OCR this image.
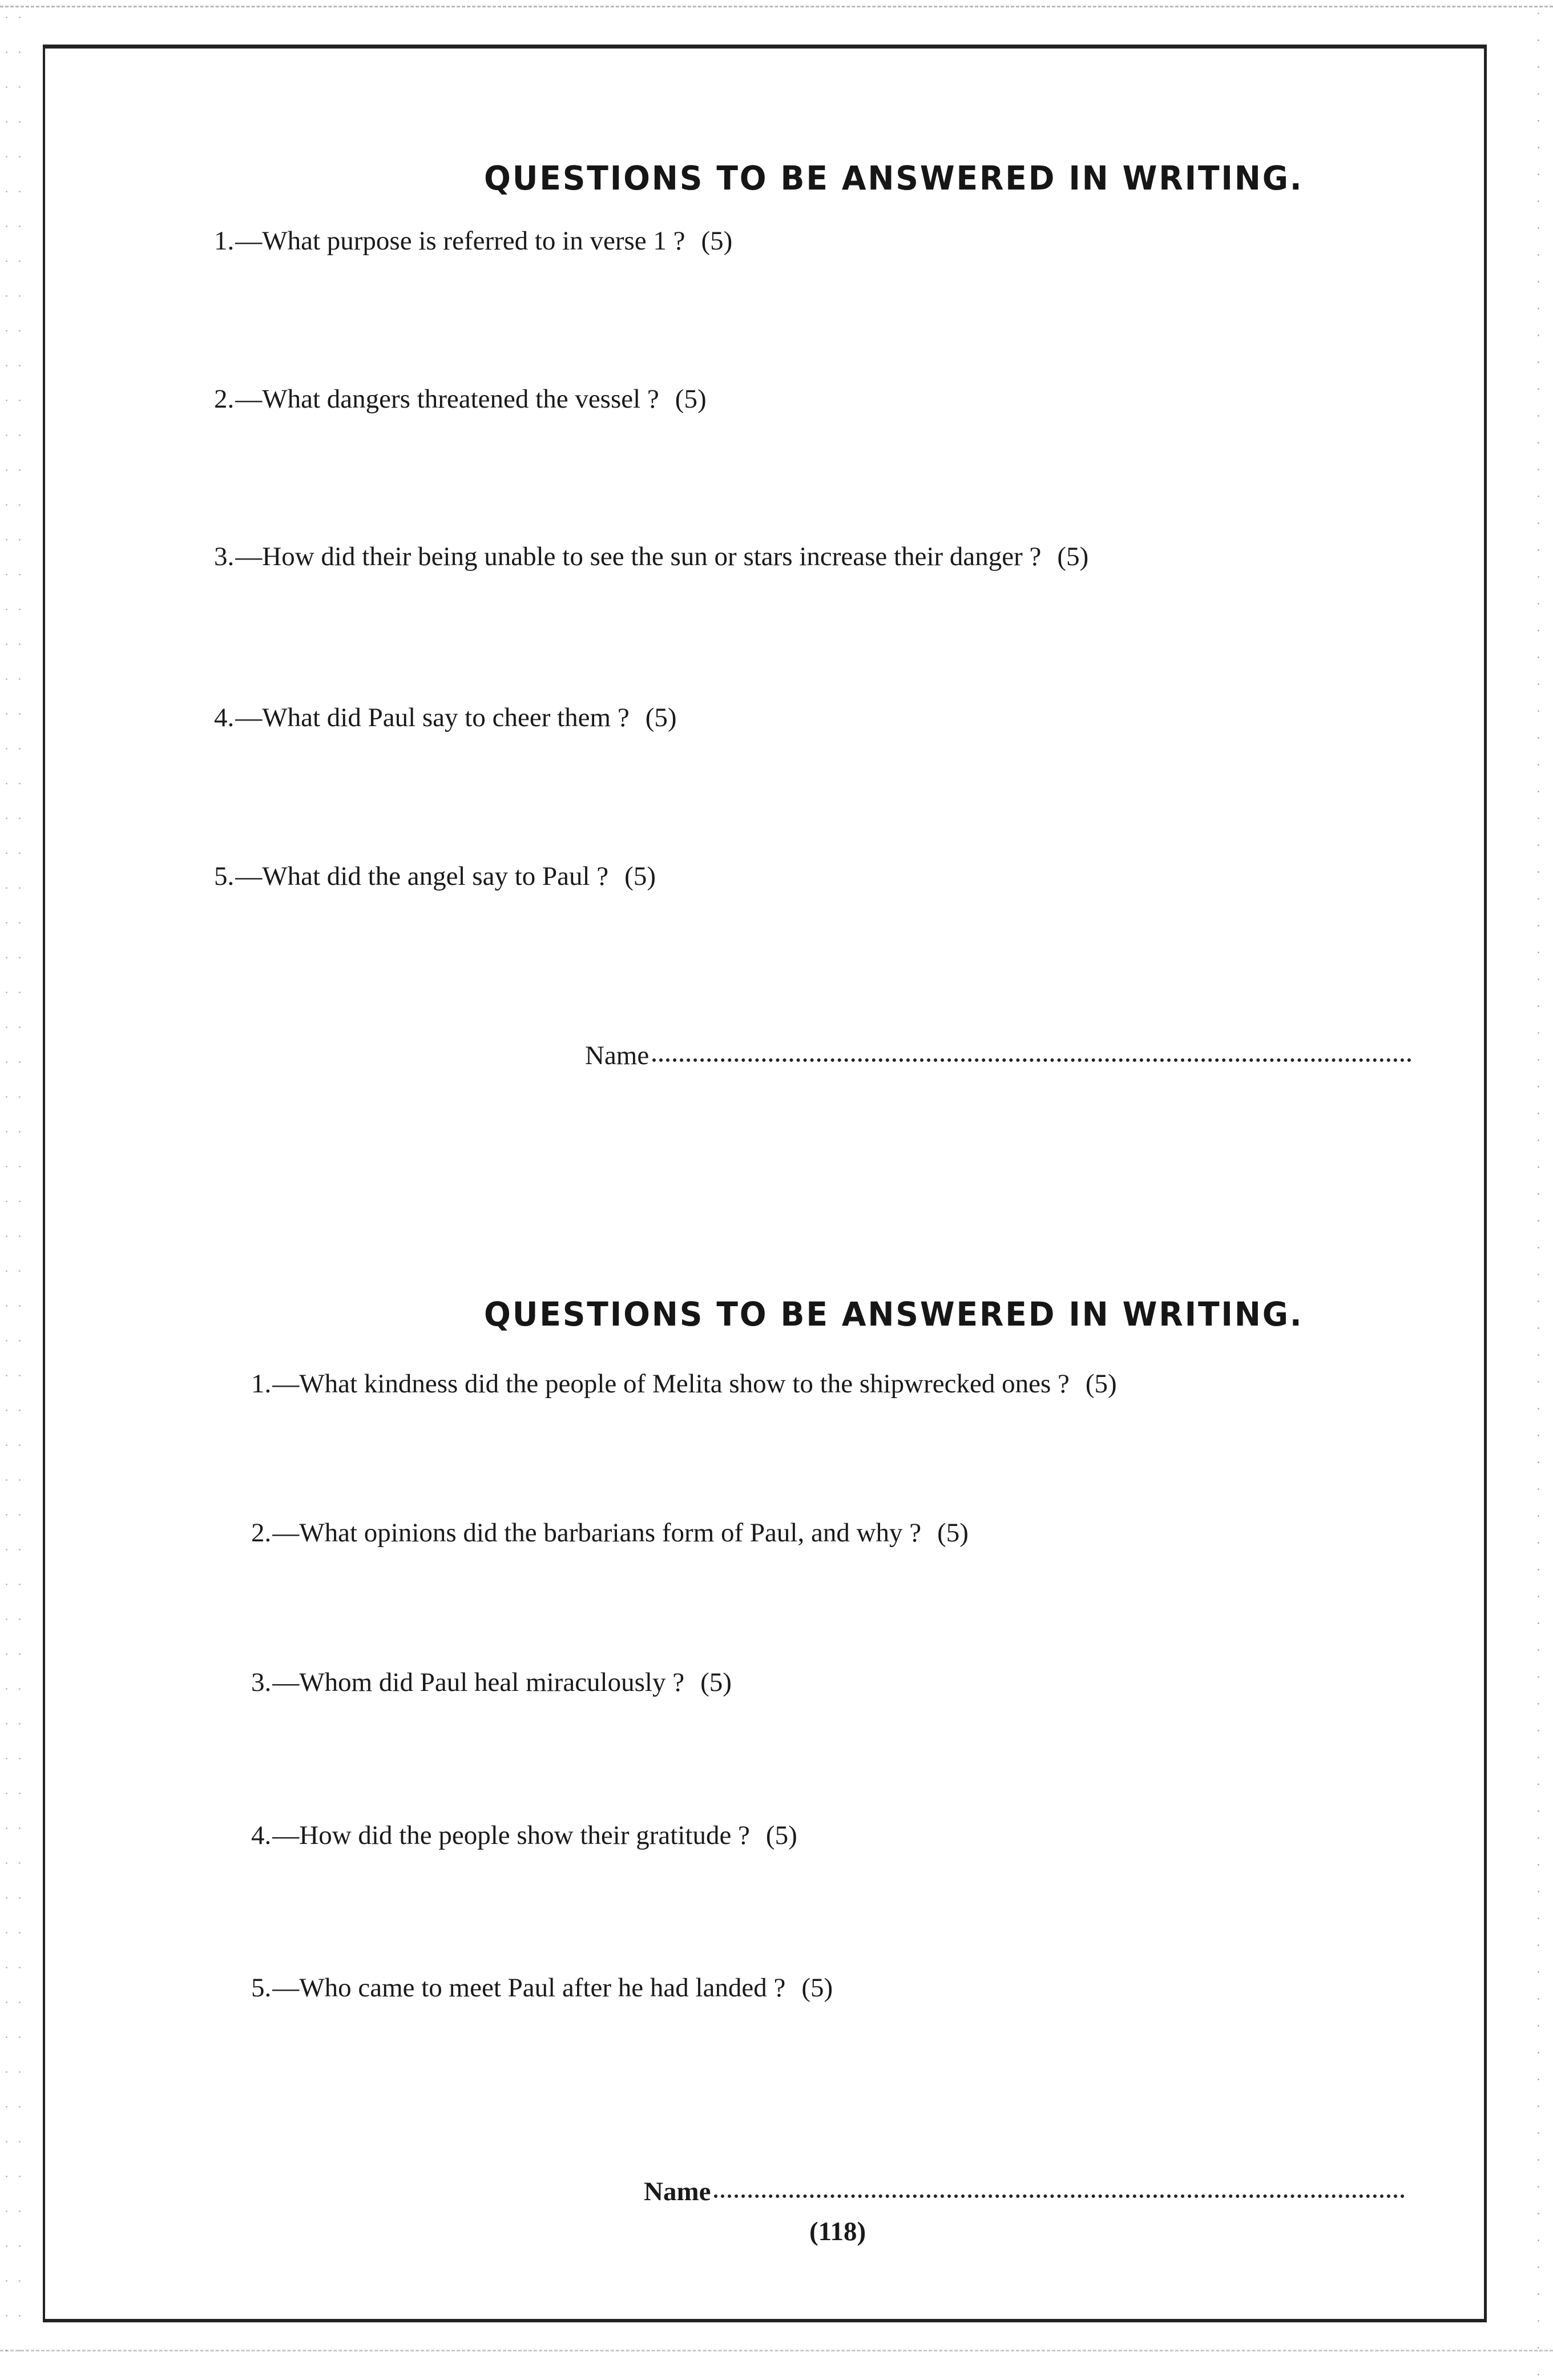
QUESTIONS TO BE ANSWERED IN WRITING.
1.—What purpose is referred to in verse 1 ? (5)
2.—What dangers threatened the vessel ? (5)
3.—How did their being unable to see the sun or stars increase their danger ? (5)
4.—What did Paul say to cheer them ? (5)
5.—What did the angel say to Paul ? (5)
Name
QUESTIONS TO BE ANSWERED IN WRITING.
1.—What kindness did the people of Melita show to the shipwrecked ones ? (5)
2.—What opinions did the barbarians form of Paul, and why ? (5)
3.—Whom did Paul heal miraculously ? (5)
4.—How did the people show their gratitude ? (5)
5.—Who came to meet Paul after he had landed ? (5)
Name
(118)
